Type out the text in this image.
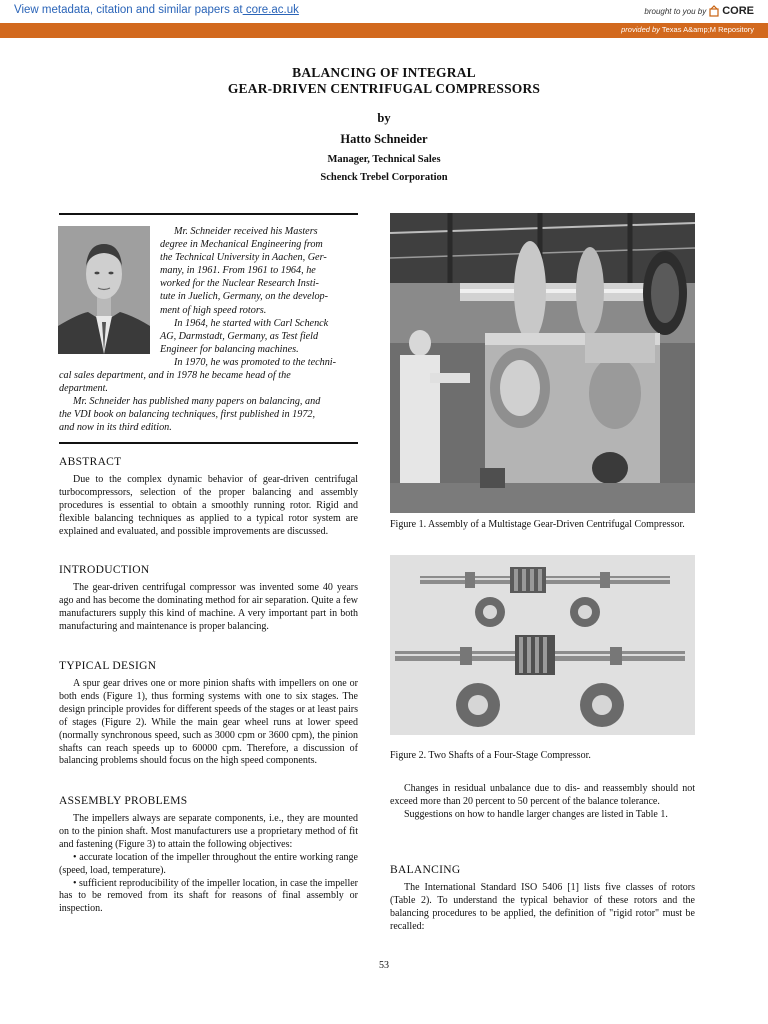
View metadata, citation and similar papers at core.ac.uk	brought to you by CORE
provided by Texas A&amp;M Repository
BALANCING OF INTEGRAL
GEAR-DRIVEN CENTRIFUGAL COMPRESSORS
by
Hatto Schneider
Manager, Technical Sales
Schenck Trebel Corporation

Mr. Schneider received his Masters

degree in Mechanical Engineering from

the Technical University in Aachen, Ger-

many, in 1961. From 1961 to 1964, he

worked for the Nuclear Research Insti-

tute in Juelich, Germany, on the develop-

ment of high speed rotors.

In 1964, he started with Carl Schenck

AG, Darmstadt, Germany, as Test field

Engineer for balancing machines.

In 1970, he was promoted to the techni-

cal sales department, and in 1978 he became head of the

department.

Mr. Schneider has published many papers on balancing, and

the VDI book on balancing techniques, first published in 1972,

and now in its third edition.

ABSTRACT

Due to the complex dynamic behavior of gear-driven centrifugal turbocompressors, selection of the proper balancing and assembly procedures is essential to obtain a smoothly running rotor. Rigid and flexible balancing techniques as applied to a typical rotor system are explained and evaluated, and possible improvements are discussed.

INTRODUCTION

The gear-driven centrifugal compressor was invented some 40 years ago and has become the dominating method for air separation. Quite a few manufacturers supply this kind of machine. A very important part in both manufacturing and maintenance is proper balancing.

TYPICAL DESIGN

A spur gear drives one or more pinion shafts with impellers on one or both ends (Figure 1), thus forming systems with one to six stages. The design principle provides for different speeds of the stages or at least pairs of stages (Figure 2). While the main gear wheel runs at lower speed (normally synchronous speed, such as 3000 cpm or 3600 cpm), the pinion shafts can reach speeds up to 60000 cpm. Therefore, a discussion of balancing problems should focus on the high speed components.

ASSEMBLY PROBLEMS

The impellers always are separate components, i.e., they are mounted on to the pinion shaft. Most manufacturers use a proprietary method of fit and fastening (Figure 3) to attain the following objectives:

• accurate location of the impeller throughout the entire working range (speed, load, temperature).

• sufficient reproducibility of the impeller location, in case the impeller has to be removed from its shaft for reasons of final assembly or inspection.

Figure 1. Assembly of a Multistage Gear-Driven Centrifugal Compressor.
Figure 2. Two Shafts of a Four-Stage Compressor.

Changes in residual unbalance due to dis- and reassembly should not exceed more than 20 percent to 50 percent of the balance tolerance.

Suggestions on how to handle larger changes are listed in Table 1.

BALANCING

The International Standard ISO 5406 [1] lists five classes of rotors (Table 2). To understand the typical behavior of these rotors and the balancing procedures to be applied, the definition of "rigid rotor" must be recalled:

53
